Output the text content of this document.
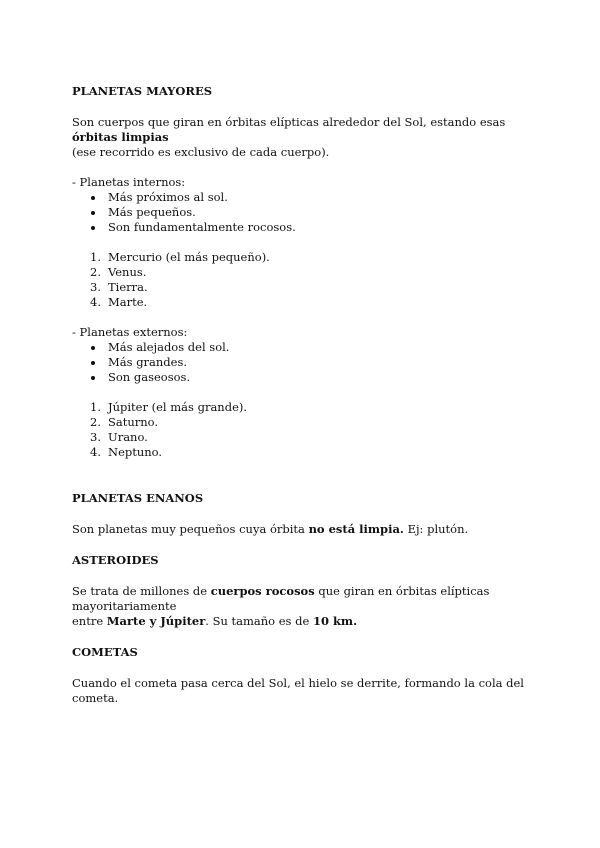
PLANETAS MAYORES

Son cuerpos que giran en órbitas elípticas alrededor del Sol, estando esas órbitas limpias

(ese recorrido es exclusivo de cada cuerpo).

- Planetas internos:

Más próximos al sol.
Más pequeños.
Son fundamentalmente rocosos.
1. Mercurio (el más pequeño).
2. Venus.
3. Tierra.
4. Marte.

- Planetas externos:

Más alejados del sol.
Más grandes.
Son gaseosos.
1. Júpiter (el más grande).
2. Saturno.
3. Urano.
4. Neptuno.

PLANETAS ENANOS

Son planetas muy pequeños cuya órbita no está limpia. Ej: plutón.

ASTEROIDES

Se trata de millones de cuerpos rocosos que giran en órbitas elípticas mayoritariamente

entre Marte y Júpiter. Su tamaño es de 10 km.

COMETAS

Cuando el cometa pasa cerca del Sol, el hielo se derrite, formando la cola del cometa.
